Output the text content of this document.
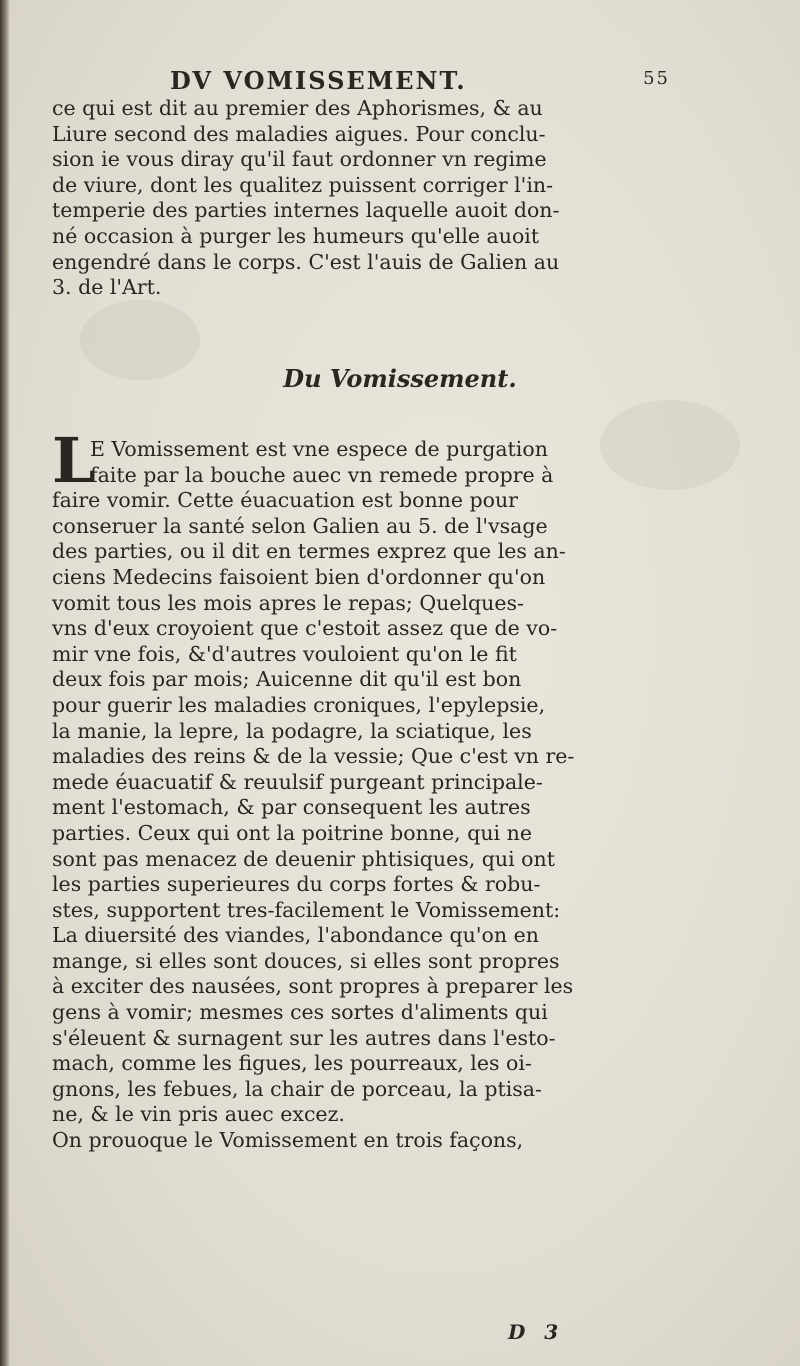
DV VOMISSEMENT.	55
ce qui est dit au premier des Aphorismes, & au
Liure second des maladies aigues. Pour conclu-
sion ie vous diray qu'il faut ordonner vn regime
de viure, dont les qualitez puissent corriger l'in-
temperie des parties internes laquelle auoit don-
né occasion à purger les humeurs qu'elle auoit
engendré dans le corps. C'est l'auis de Galien au
3. de l'Art.
Du Vomissement.
L
E Vomissement est vne espece de purgation
faite par la bouche auec vn remede propre à
faire vomir. Cette éuacuation est bonne pour
conseruer la santé selon Galien au 5. de l'vsage
des parties, ou il dit en termes exprez que les an-
ciens Medecins faisoient bien d'ordonner qu'on
vomit tous les mois apres le repas; Quelques-
vns d'eux croyoient que c'estoit assez que de vo-
mir vne fois, &'d'autres vouloient qu'on le fit
deux fois par mois; Auicenne dit qu'il est bon
pour guerir les maladies croniques, l'epylepsie,
la manie, la lepre, la podagre, la sciatique, les
maladies des reins & de la vessie; Que c'est vn re-
mede éuacuatif & reuulsif purgeant principale-
ment l'estomach, & par consequent les autres
parties. Ceux qui ont la poitrine bonne, qui ne
sont pas menacez de deuenir phtisiques, qui ont
les parties superieures du corps fortes & robu-
stes, supportent tres-facilement le Vomissement:
La diuersité des viandes, l'abondance qu'on en
mange, si elles sont douces, si elles sont propres
à exciter des nausées, sont propres à preparer les
gens à vomir; mesmes ces sortes d'aliments qui
s'éleuent & surnagent sur les autres dans l'esto-
mach, comme les figues, les pourreaux, les oi-
gnons, les febues, la chair de porceau, la ptisa-
ne, & le vin pris auec excez.
On prouoque le Vomissement en trois façons,
D 3
